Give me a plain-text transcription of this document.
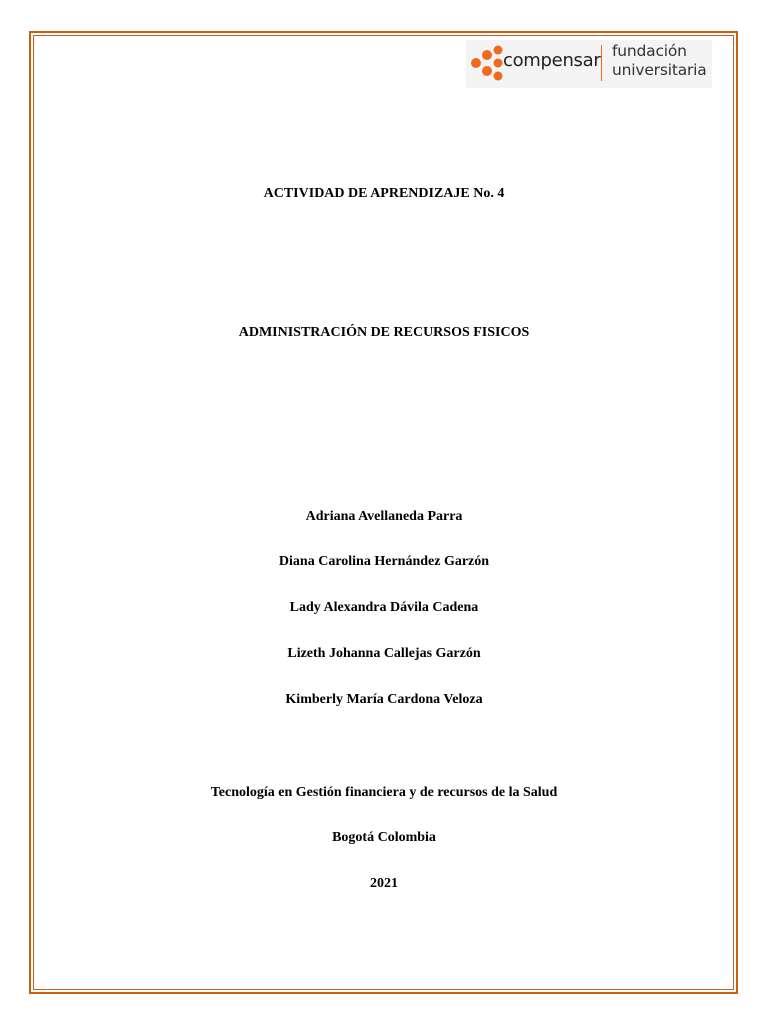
compensar fundación
universitaria
ACTIVIDAD DE APRENDIZAJE No. 4
ADMINISTRACIÓN DE RECURSOS FISICOS
Adriana Avellaneda Parra
Diana Carolina Hernández Garzón
Lady Alexandra Dávila Cadena
Lizeth Johanna Callejas Garzón
Kimberly María Cardona Veloza
Tecnología en Gestión financiera y de recursos de la Salud
Bogotá Colombia
2021
